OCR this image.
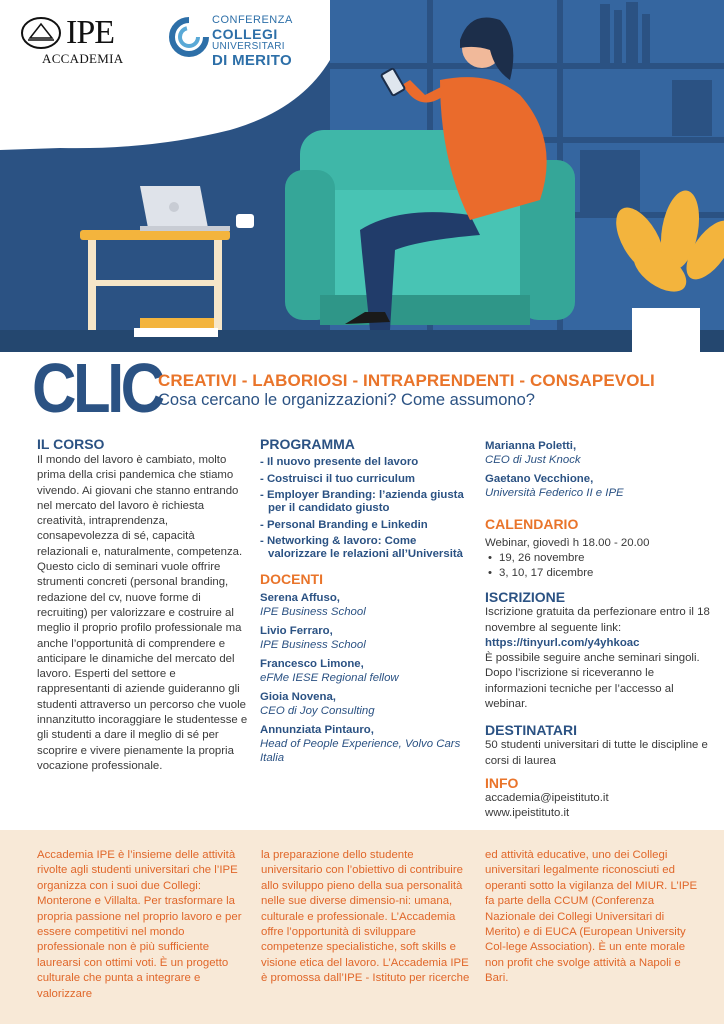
IPE
ACCADEMIA
CONFERENZA
COLLEGI
UNIVERSITARI
DI MERITO
CLIC
CREATIVI - LABORIOSI - INTRAPRENDENTI - CONSAPEVOLI
Cosa cercano le organizzazioni? Come assumono?
IL CORSO

Il mondo del lavoro è cambiato, molto prima della crisi pandemica che stiamo vivendo. Ai giovani che stanno entrando nel mercato del lavoro è richiesta creatività, intraprendenza, consapevolezza di sé, capacità relazionali e, naturalmente, competenza. Questo ciclo di seminari vuole offrire strumenti concreti (personal branding, redazione del cv, nuove forme di recruiting) per valorizzare e costruire al meglio il proprio profilo professionale ma anche l’opportunità di comprendere e anticipare le dinamiche del mercato del lavoro. Esperti del settore e rappresentanti di aziende guideranno gli studenti attraverso un percorso che vuole innanzitutto incoraggiare le studentesse e gli studenti a dare il meglio di sé per scoprire e vivere pienamente la propria vocazione professionale.

PROGRAMMA
- Il nuovo presente del lavoro
- Costruisci il tuo curriculum
- Employer Branding: l’azienda giusta per il candidato giusto
- Personal Branding e Linkedin
- Networking & lavoro: Come valorizzare le relazioni all’Università
DOCENTI
Serena Affuso,
IPE Business School
Livio Ferraro,
IPE Business School
Francesco Limone,
eFMe IESE Regional fellow
Gioia Novena,
CEO di Joy Consulting
Annunziata Pintauro,
Head of People Experience, Volvo Cars Italia
Marianna Poletti,
CEO di Just Knock
Gaetano Vecchione,
Università Federico II e IPE
CALENDARIO

Webinar, giovedì h 18.00 - 20.00

• 19, 26 novembre
• 3, 10, 17 dicembre
ISCRIZIONE

Iscrizione gratuita da perfezionare entro il 18 novembre al seguente link: https://tinyurl.com/y4yhkoac
È possibile seguire anche seminari singoli. Dopo l’iscrizione si riceveranno le informazioni tecniche per l’accesso al webinar.

DESTINATARI

50 studenti universitari di tutte le discipline e corsi di laurea

INFO

accademia@ipeistituto.it

www.ipeistituto.it

Accademia IPE è l’insieme delle attività rivolte agli studenti universitari che l’IPE organizza con i suoi due Collegi: Monterone e Villalta. Per trasformare la propria passione nel proprio lavoro e per essere competitivi nel mondo professionale non è più sufficiente laurearsi con ottimi voti. È un progetto culturale che punta a integrare e valorizzare

la preparazione dello studente universitario con l’obiettivo di contribuire allo sviluppo pieno della sua personalità nelle sue diverse dimensio-ni: umana, culturale e professionale. L’Accademia offre l’opportunità di sviluppare competenze specialistiche, soft skills e visione etica del lavoro. L’Accademia IPE è promossa dall’IPE - Istituto per ricerche

ed attività educative, uno dei Collegi universitari legalmente riconosciuti ed operanti sotto la vigilanza del MIUR. L’IPE fa parte della CCUM (Conferenza Nazionale dei Collegi Universitari di Merito) e di EUCA (European University Col-lege Association). È un ente morale non profit che svolge attività a Napoli e Bari.
